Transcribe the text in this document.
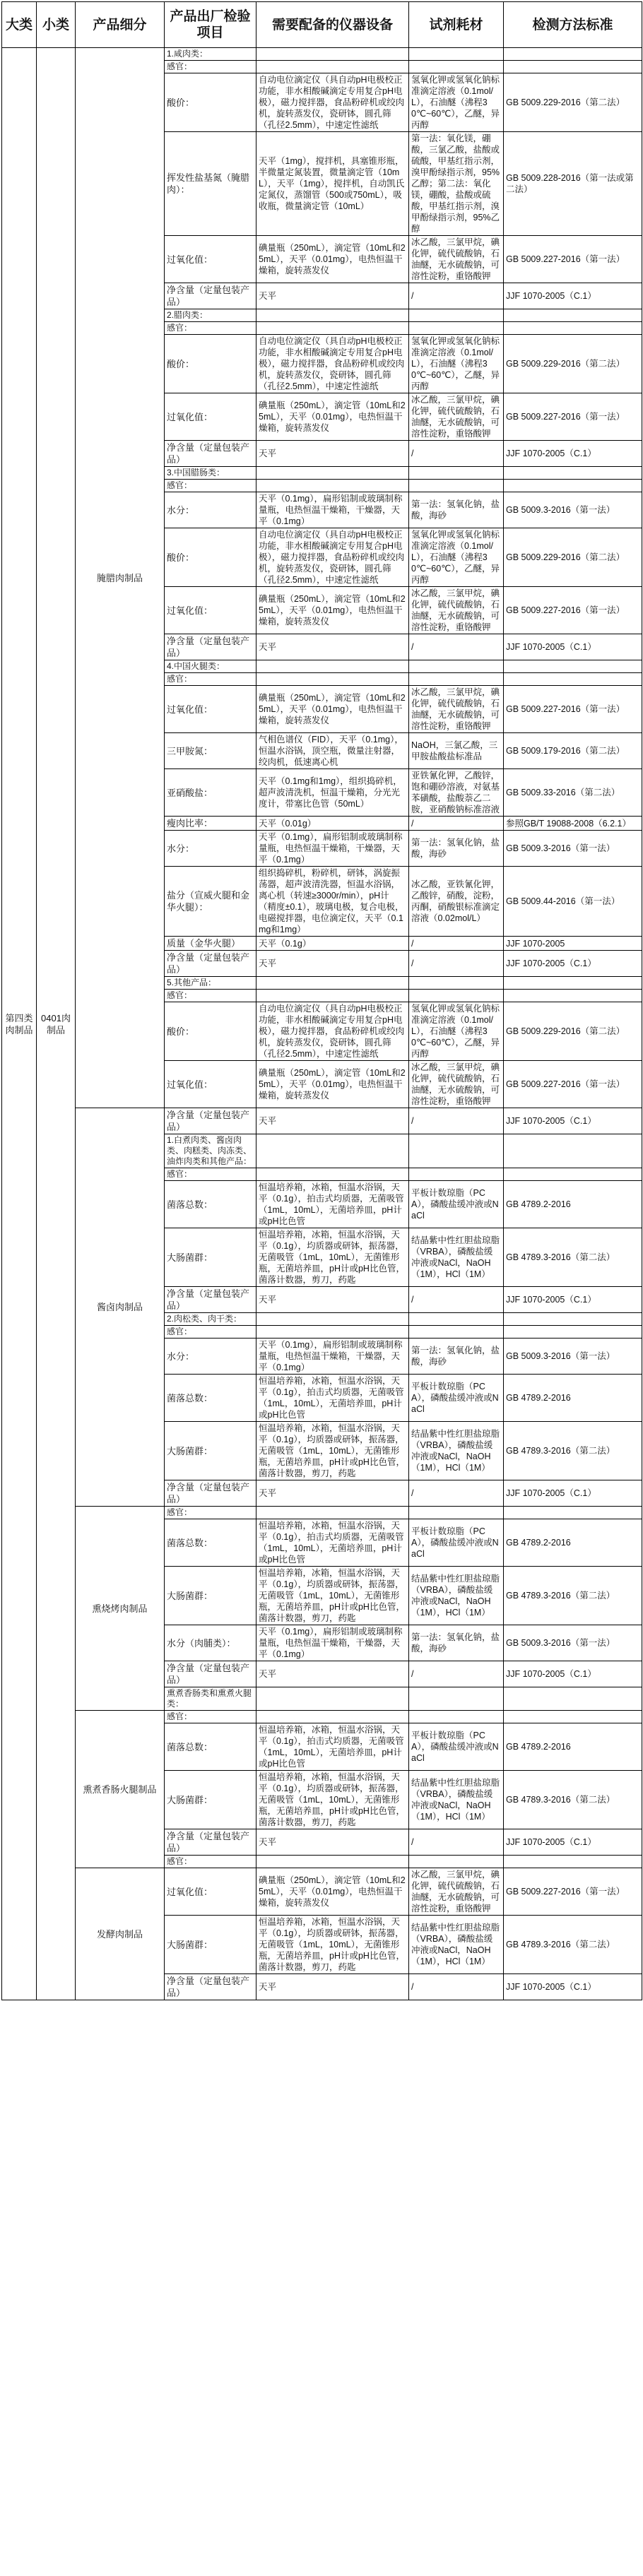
大类	小类	产品细分	产品出厂检验项目	需要配备的仪器设备	试剂耗材	检测方法标准
第四类 肉制品	0401肉制品	腌腊肉制品	1.咸肉类：			
			感官：			
			酸价：	自动电位滴定仪（具自动pH电极校正功能，非水相酸碱滴定专用复合pH电极），磁力搅拌器，食品粉碎机或绞肉机，旋转蒸发仪，瓷研钵，圆孔筛（孔径2.5mm），中速定性滤纸	氢氧化钾或氢氧化钠标准滴定溶液（0.1mol/L），石油醚（沸程30℃~60℃），乙醚，异丙醇	GB 5009.229-2016（第二法）
			挥发性盐基氮（腌腊肉）：	天平（1mg），搅拌机，具塞锥形瓶，半微量定氮装置，微量滴定管（10mL），天平（1mg），搅拌机，自动凯氏定氮仪，蒸馏管（500或750mL），吸收瓶，微量滴定管（10mL）	第一法：氧化镁，硼酸，三氯乙酸，盐酸或硫酸，甲基红指示剂，溴甲酚绿指示剂，95%乙醇；第二法：氧化镁，硼酸，盐酸或硫酸，甲基红指示剂，溴甲酚绿指示剂，95%乙醇	GB 5009.228-2016（第一法或第二法）
			过氧化值：	碘量瓶（250mL），滴定管（10mL和25mL），天平（0.01mg），电热恒温干燥箱，旋转蒸发仪	冰乙酸，三氯甲烷，碘化钾，硫代硫酸钠，石油醚，无水硫酸钠，可溶性淀粉，重铬酸钾	GB 5009.227-2016（第一法）
			净含量（定量包装产品）	天平	/	JJF 1070-2005（C.1）
			2.腊肉类：			
			感官：			
			酸价：	自动电位滴定仪（具自动pH电极校正功能，非水相酸碱滴定专用复合pH电极），磁力搅拌器，食品粉碎机或绞肉机，旋转蒸发仪，瓷研钵，圆孔筛（孔径2.5mm），中速定性滤纸	氢氧化钾或氢氧化钠标准滴定溶液（0.1mol/L），石油醚（沸程30℃~60℃），乙醚，异丙醇	GB 5009.229-2016（第二法）
			过氧化值：	碘量瓶（250mL），滴定管（10mL和25mL），天平（0.01mg），电热恒温干燥箱，旋转蒸发仪	冰乙酸，三氯甲烷，碘化钾，硫代硫酸钠，石油醚，无水硫酸钠，可溶性淀粉，重铬酸钾	GB 5009.227-2016（第一法）
			净含量（定量包装产品）	天平	/	JJF 1070-2005（C.1）
			3.中国腊肠类：			
			感官：			
			水分：	天平（0.1mg），扁形铝制或玻璃制称量瓶，电热恒温干燥箱，干燥器，天平（0.1mg）	第一法：氢氧化钠，盐酸，海砂	GB 5009.3-2016（第一法）
			酸价：	自动电位滴定仪（具自动pH电极校正功能，非水相酸碱滴定专用复合pH电极），磁力搅拌器，食品粉碎机或绞肉机，旋转蒸发仪，瓷研钵，圆孔筛（孔径2.5mm），中速定性滤纸	氢氧化钾或氢氧化钠标准滴定溶液（0.1mol/L），石油醚（沸程30℃~60℃），乙醚，异丙醇	GB 5009.229-2016（第二法）
			过氧化值：	碘量瓶（250mL），滴定管（10mL和25mL），天平（0.01mg），电热恒温干燥箱，旋转蒸发仪	冰乙酸，三氯甲烷，碘化钾，硫代硫酸钠，石油醚，无水硫酸钠，可溶性淀粉，重铬酸钾	GB 5009.227-2016（第一法）
			净含量（定量包装产品）	天平	/	JJF 1070-2005（C.1）
			4.中国火腿类：			
			感官：			
			过氧化值：	碘量瓶（250mL），滴定管（10mL和25mL），天平（0.01mg），电热恒温干燥箱，旋转蒸发仪	冰乙酸，三氯甲烷，碘化钾，硫代硫酸钠，石油醚，无水硫酸钠，可溶性淀粉，重铬酸钾	GB 5009.227-2016（第一法）
			三甲胺氮：	气相色谱仪（FID），天平（0.1mg），恒温水浴锅，顶空瓶，微量注射器，绞肉机，低速离心机	NaOH，三氯乙酸，三甲胺盐酸盐标准品	GB 5009.179-2016（第二法）
			亚硝酸盐：	天平（0.1mg和1mg），组织捣碎机，超声波清洗机，恒温干燥箱，分光光度计，带塞比色管（50mL）	亚铁氰化钾，乙酸锌，饱和硼砂溶液，对氨基苯磺酸，盐酸萘乙二胺，亚硝酸钠标准溶液	GB 5009.33-2016（第二法）
			瘦肉比率：	天平（0.01g）	/	参照GB/T 19088-2008（6.2.1）
			水分：	天平（0.1mg），扁形铝制或玻璃制称量瓶，电热恒温干燥箱，干燥器，天平（0.1mg）	第一法：氢氧化钠，盐酸，海砂	GB 5009.3-2016（第一法）
			盐分（宣威火腿和金华火腿）：	组织捣碎机，粉碎机，研钵，涡旋振荡器，超声波清洗器，恒温水浴锅，离心机（转速≥3000r/min），pH计（精度±0.1），玻璃电极，复合电极，电磁搅拌器，电位滴定仪，天平（0.1mg和1mg）	冰乙酸，亚铁氰化钾，乙酸锌，硝酸，淀粉，丙酮，硝酸银标准滴定溶液（0.02mol/L）	GB 5009.44-2016（第一法）
			质量（金华火腿）	天平（0.1g）	/	JJF 1070-2005
			净含量（定量包装产品）	天平	/	JJF 1070-2005（C.1）
			5.其他产品：			
			感官：			
			酸价：	自动电位滴定仪（具自动pH电极校正功能，非水相酸碱滴定专用复合pH电极），磁力搅拌器，食品粉碎机或绞肉机，旋转蒸发仪，瓷研钵，圆孔筛（孔径2.5mm），中速定性滤纸	氢氧化钾或氢氧化钠标准滴定溶液（0.1mol/L），石油醚（沸程30℃~60℃），乙醚，异丙醇	GB 5009.229-2016（第二法）
			过氧化值：	碘量瓶（250mL），滴定管（10mL和25mL），天平（0.01mg），电热恒温干燥箱，旋转蒸发仪	冰乙酸，三氯甲烷，碘化钾，硫代硫酸钠，石油醚，无水硫酸钠，可溶性淀粉，重铬酸钾	GB 5009.227-2016（第一法）
		酱卤肉制品	净含量（定量包装产品）	天平	/	JJF 1070-2005（C.1）
			1.白煮肉类、酱卤肉类、肉糕类、肉冻类、油炸肉类和其他产品：			
			感官：			
			菌落总数：	恒温培养箱，冰箱，恒温水浴锅，天平（0.1g），拍击式均质器，无菌吸管（1mL，10mL），无菌培养皿，pH计或pH比色管	平板计数琼脂（PCA），磷酸盐缓冲液或NaCl	GB 4789.2-2016
			大肠菌群：	恒温培养箱，冰箱，恒温水浴锅，天平（0.1g），均质器或研钵，振荡器，无菌吸管（1mL，10mL），无菌锥形瓶，无菌培养皿，pH计或pH比色管，菌落计数器，剪刀，药匙	结晶紫中性红胆盐琼脂（VRBA），磷酸盐缓冲液或NaCl，NaOH（1M），HCl（1M）	GB 4789.3-2016（第二法）
			净含量（定量包装产品）	天平	/	JJF 1070-2005（C.1）
			2.肉松类、肉干类：			
			感官：			
			水分：	天平（0.1mg），扁形铝制或玻璃制称量瓶，电热恒温干燥箱，干燥器，天平（0.1mg）	第一法：氢氧化钠，盐酸，海砂	GB 5009.3-2016（第一法）
			菌落总数：	恒温培养箱，冰箱，恒温水浴锅，天平（0.1g），拍击式均质器，无菌吸管（1mL，10mL），无菌培养皿，pH计或pH比色管	平板计数琼脂（PCA），磷酸盐缓冲液或NaCl	GB 4789.2-2016
			大肠菌群：	恒温培养箱，冰箱，恒温水浴锅，天平（0.1g），均质器或研钵，振荡器，无菌吸管（1mL，10mL），无菌锥形瓶，无菌培养皿，pH计或pH比色管，菌落计数器，剪刀，药匙	结晶紫中性红胆盐琼脂（VRBA），磷酸盐缓冲液或NaCl，NaOH（1M），HCl（1M）	GB 4789.3-2016（第二法）
			净含量（定量包装产品）	天平	/	JJF 1070-2005（C.1）
		熏烧烤肉制品	感官：			
			菌落总数：	恒温培养箱，冰箱，恒温水浴锅，天平（0.1g），拍击式均质器，无菌吸管（1mL，10mL），无菌培养皿，pH计或pH比色管	平板计数琼脂（PCA），磷酸盐缓冲液或NaCl	GB 4789.2-2016
			大肠菌群：	恒温培养箱，冰箱，恒温水浴锅，天平（0.1g），均质器或研钵，振荡器，无菌吸管（1mL，10mL），无菌锥形瓶，无菌培养皿，pH计或pH比色管，菌落计数器，剪刀，药匙	结晶紫中性红胆盐琼脂（VRBA），磷酸盐缓冲液或NaCl，NaOH（1M），HCl（1M）	GB 4789.3-2016（第二法）
			水分（肉脯类）：	天平（0.1mg），扁形铝制或玻璃制称量瓶，电热恒温干燥箱，干燥器，天平（0.1mg）	第一法：氢氧化钠，盐酸，海砂	GB 5009.3-2016（第一法）
			净含量（定量包装产品）	天平	/	JJF 1070-2005（C.1）
			熏煮香肠类和熏煮火腿类：			
		熏煮香肠火腿制品	感官：			
			菌落总数：	恒温培养箱，冰箱，恒温水浴锅，天平（0.1g），拍击式均质器，无菌吸管（1mL，10mL），无菌培养皿，pH计或pH比色管	平板计数琼脂（PCA），磷酸盐缓冲液或NaCl	GB 4789.2-2016
			大肠菌群：	恒温培养箱，冰箱，恒温水浴锅，天平（0.1g），均质器或研钵，振荡器，无菌吸管（1mL，10mL），无菌锥形瓶，无菌培养皿，pH计或pH比色管，菌落计数器，剪刀，药匙	结晶紫中性红胆盐琼脂（VRBA），磷酸盐缓冲液或NaCl，NaOH（1M），HCl（1M）	GB 4789.3-2016（第二法）
			净含量（定量包装产品）	天平	/	JJF 1070-2005（C.1）
			感官：			
		发酵肉制品	过氧化值：	碘量瓶（250mL），滴定管（10mL和25mL），天平（0.01mg），电热恒温干燥箱，旋转蒸发仪	冰乙酸，三氯甲烷，碘化钾，硫代硫酸钠，石油醚，无水硫酸钠，可溶性淀粉，重铬酸钾	GB 5009.227-2016（第一法）
			大肠菌群：	恒温培养箱，冰箱，恒温水浴锅，天平（0.1g），均质器或研钵，振荡器，无菌吸管（1mL，10mL），无菌锥形瓶，无菌培养皿，pH计或pH比色管，菌落计数器，剪刀，药匙	结晶紫中性红胆盐琼脂（VRBA），磷酸盐缓冲液或NaCl，NaOH（1M），HCl（1M）	GB 4789.3-2016（第二法）
			净含量（定量包装产品）	天平	/	JJF 1070-2005（C.1）
